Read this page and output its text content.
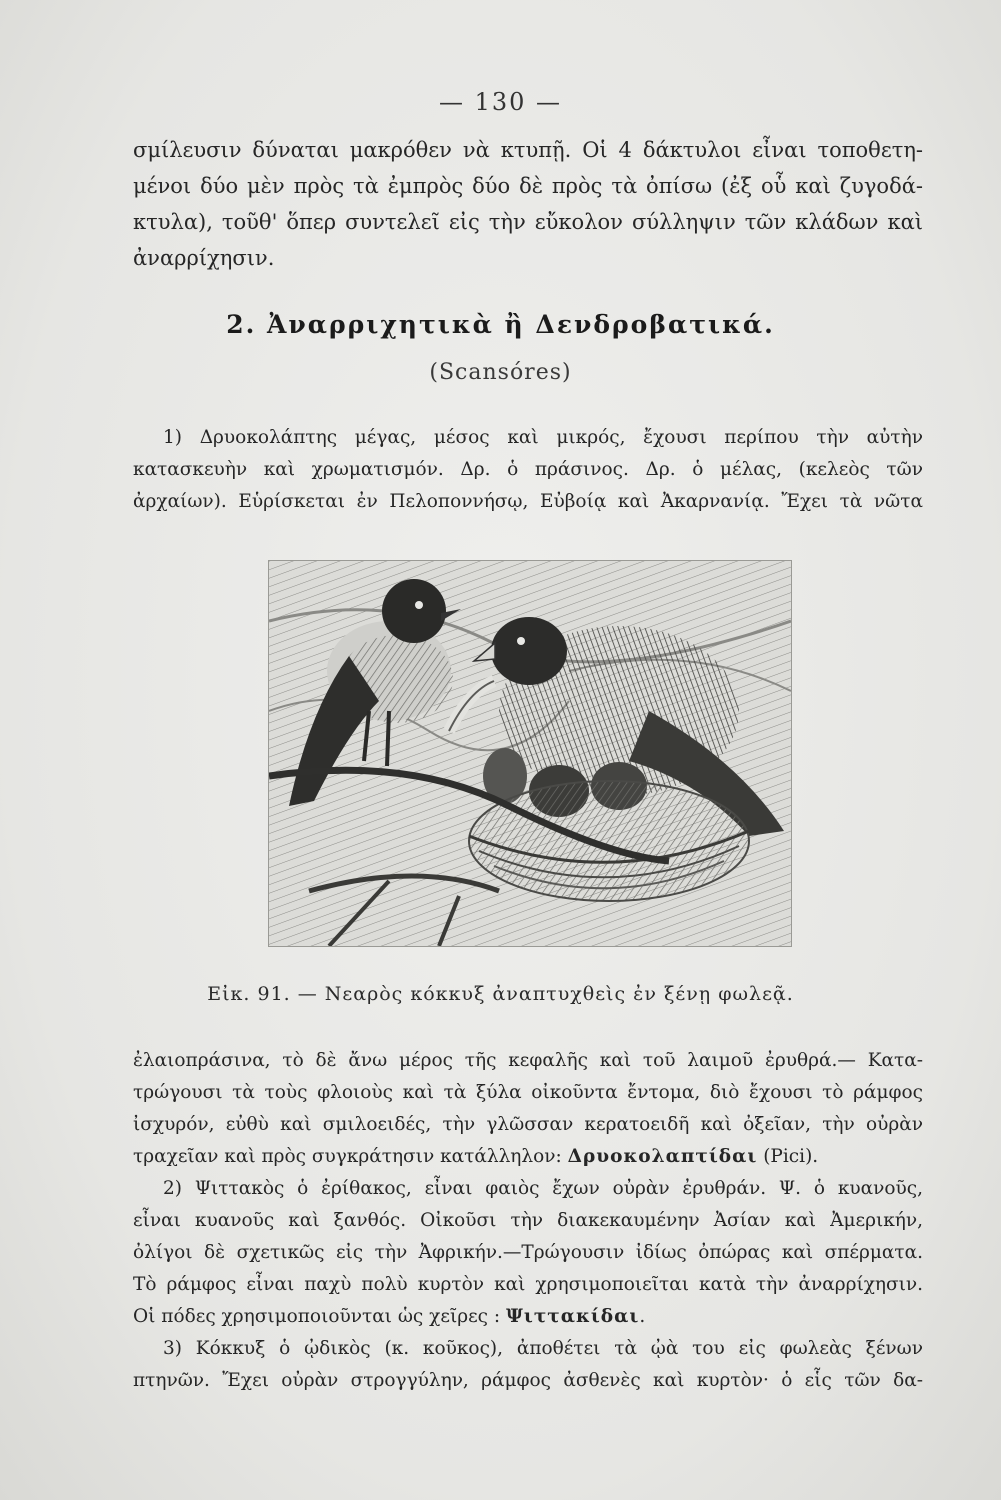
— 130 —
σμίλευσιν δύναται μακρόθεν νὰ κτυπῇ. Οἱ 4 δάκτυλοι εἶναι τοποθετη-
μένοι δύο μὲν πρὸς τὰ ἐμπρὸς δύο δὲ πρὸς τὰ ὀπίσω (ἐξ οὗ καὶ ζυγοδά-
κτυλα), τοῦθ' ὅπερ συντελεῖ εἰς τὴν εὔκολον σύλληψιν τῶν κλάδων καὶ
ἀναρρίχησιν.
2. Ἀναρριχητικὰ ἢ Δενδροβατικά.
(Scansóres)
1) Δρυοκολάπτης μέγας, μέσος καὶ μικρός, ἔχουσι περίπου τὴν αὐτὴν
κατασκευὴν καὶ χρωματισμόν. Δρ. ὁ πράσινος. Δρ. ὁ μέλας, (κελεὸς τῶν
ἀρχαίων). Εὑρίσκεται ἐν Πελοποννήσῳ, Εὐβοίᾳ καὶ Ἀκαρνανίᾳ. Ἔχει τὰ νῶτα
Εἰκ. 91. — Νεαρὸς κόκκυξ ἀναπτυχθεὶς ἐν ξένῃ φωλεᾷ.
ἐλαιοπράσινα, τὸ δὲ ἄνω μέρος τῆς κεφαλῆς καὶ τοῦ λαιμοῦ ἐρυθρά.— Κατα-
τρώγουσι τὰ τοὺς φλοιοὺς καὶ τὰ ξύλα οἰκοῦντα ἔντομα, διὸ ἔχουσι τὸ ράμφος
ἰσχυρόν, εὐθὺ καὶ σμιλοειδές, τὴν γλῶσσαν κερατοειδῆ καὶ ὀξεῖαν, τὴν οὐρὰν
τραχεῖαν καὶ πρὸς συγκράτησιν κατάλληλον: Δρυοκολαπτίδαι (Pici).
2) Ψιττακὸς ὁ ἐρίθακος, εἶναι φαιὸς ἔχων οὐρὰν ἐρυθράν. Ψ. ὁ κυανοῦς,
εἶναι κυανοῦς καὶ ξανθός. Οἰκοῦσι τὴν διακεκαυμένην Ἀσίαν καὶ Ἀμερικήν,
ὀλίγοι δὲ σχετικῶς εἰς τὴν Ἀφρικήν.—Τρώγουσιν ἰδίως ὀπώρας καὶ σπέρματα.
Τὸ ράμφος εἶναι παχὺ πολὺ κυρτὸν καὶ χρησιμοποιεῖται κατὰ τὴν ἀναρρίχησιν.
Οἱ πόδες χρησιμοποιοῦνται ὡς χεῖρες : Ψιττακίδαι.
3) Κόκκυξ ὁ ᾠδικὸς (κ. κοῦκος), ἀποθέτει τὰ ᾠὰ του εἰς φωλεὰς ξένων
πτηνῶν. Ἔχει οὐρὰν στρογγύλην, ράμφος ἀσθενὲς καὶ κυρτὸν· ὁ εἷς τῶν δα-
